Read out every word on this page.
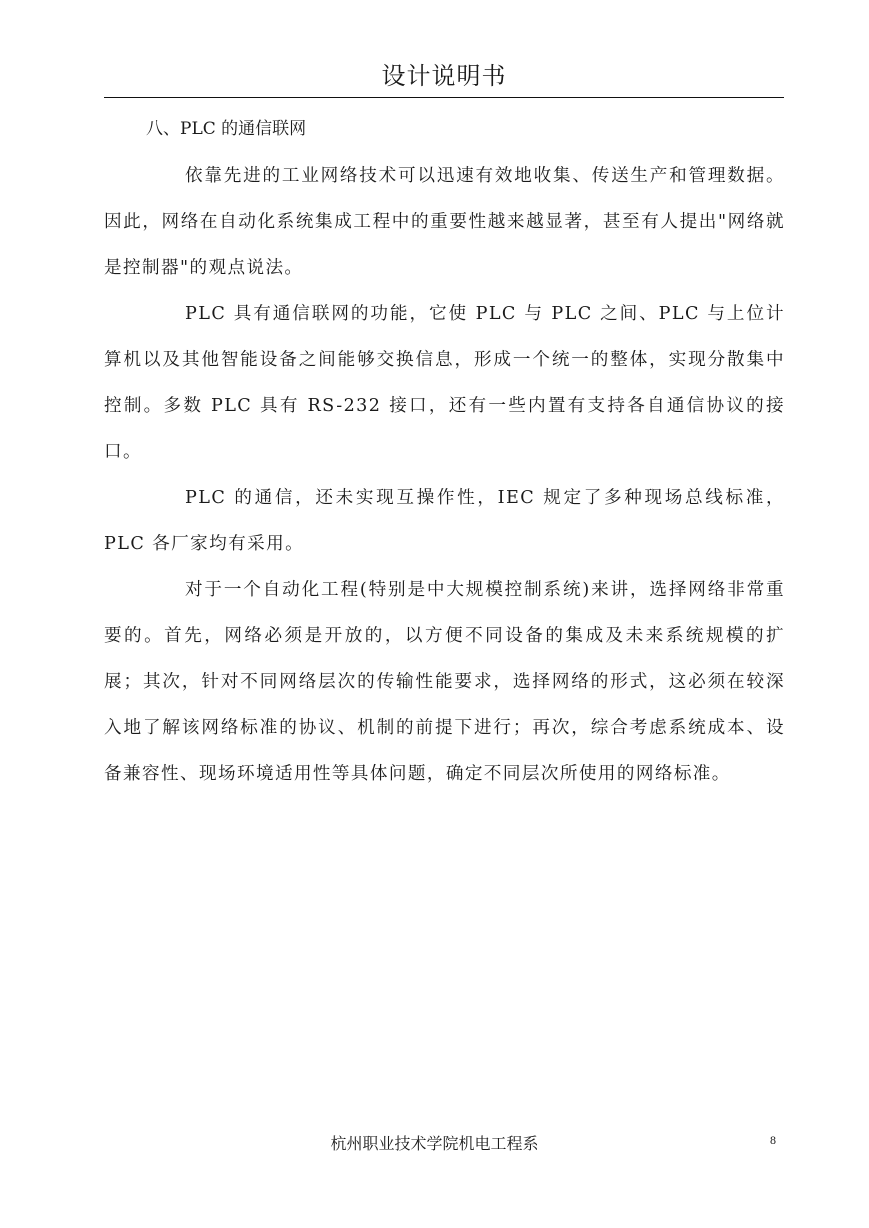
设计说明书
八、PLC 的通信联网

依靠先进的工业网络技术可以迅速有效地收集、传送生产和管理数据。因此，网络在自动化系统集成工程中的重要性越来越显著，甚至有人提出"网络就是控制器"的观点说法。

PLC 具有通信联网的功能，它使 PLC 与 PLC 之间、PLC 与上位计算机以及其他智能设备之间能够交换信息，形成一个统一的整体，实现分散集中控制。多数 PLC 具有 RS-232 接口，还有一些内置有支持各自通信协议的接口。

PLC 的通信，还未实现互操作性，IEC 规定了多种现场总线标准，PLC 各厂家均有采用。

对于一个自动化工程(特别是中大规模控制系统)来讲，选择网络非常重要的。首先，网络必须是开放的，以方便不同设备的集成及未来系统规模的扩展；其次，针对不同网络层次的传输性能要求，选择网络的形式，这必须在较深入地了解该网络标准的协议、机制的前提下进行；再次，综合考虑系统成本、设备兼容性、现场环境适用性等具体问题，确定不同层次所使用的网络标准。

杭州职业技术学院机电工程系	8
